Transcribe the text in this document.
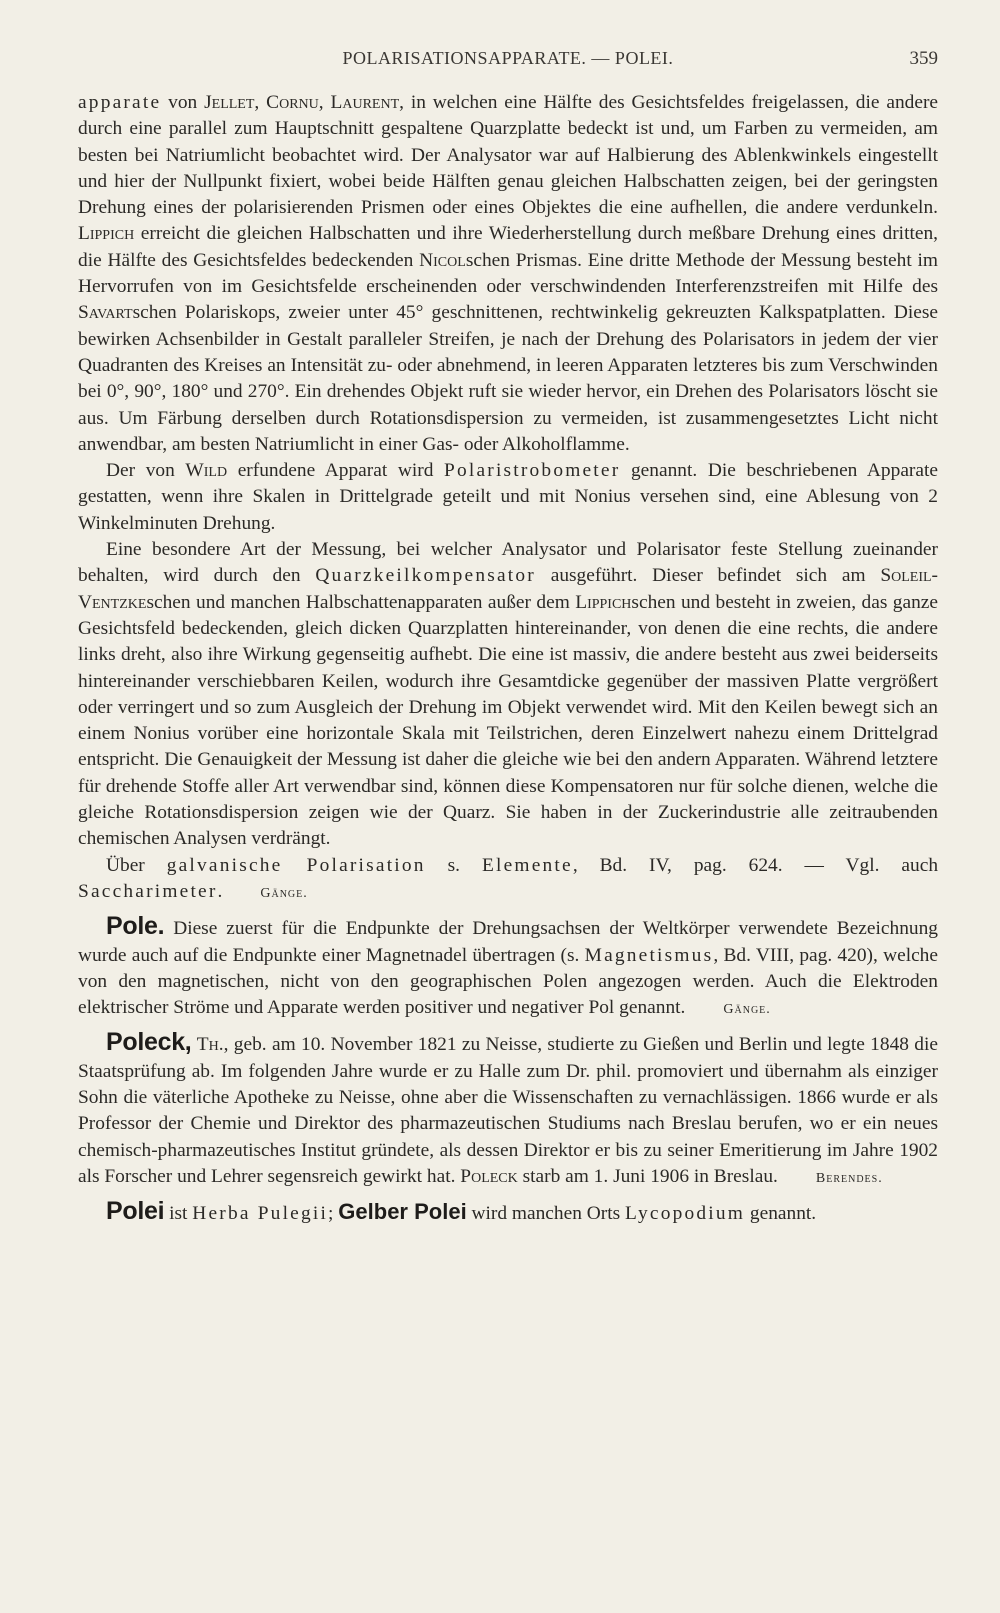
POLARISATIONSAPPARATE. — POLEI.	359

apparate von Jellet, Cornu, Laurent, in welchen eine Hälfte des Gesichtsfeldes freigelassen, die andere durch eine parallel zum Hauptschnitt gespaltene Quarzplatte bedeckt ist und, um Farben zu vermeiden, am besten bei Natriumlicht beobachtet wird. Der Analysator war auf Halbierung des Ablenkwinkels eingestellt und hier der Nullpunkt fixiert, wobei beide Hälften genau gleichen Halbschatten zeigen, bei der geringsten Drehung eines der polarisierenden Prismen oder eines Objektes die eine aufhellen, die andere verdunkeln. Lippich erreicht die gleichen Halbschatten und ihre Wiederherstellung durch meßbare Drehung eines dritten, die Hälfte des Gesichtsfeldes bedeckenden Nicolschen Prismas. Eine dritte Methode der Messung besteht im Hervorrufen von im Gesichtsfelde erscheinenden oder verschwindenden Interferenzstreifen mit Hilfe des Savartschen Polariskops, zweier unter 45° geschnittenen, rechtwinkelig gekreuzten Kalkspatplatten. Diese bewirken Achsenbilder in Gestalt paralleler Streifen, je nach der Drehung des Polarisators in jedem der vier Quadranten des Kreises an Intensität zu- oder abnehmend, in leeren Apparaten letzteres bis zum Verschwinden bei 0°, 90°, 180° und 270°. Ein drehendes Objekt ruft sie wieder hervor, ein Drehen des Polarisators löscht sie aus. Um Färbung derselben durch Rotationsdispersion zu vermeiden, ist zusammengesetztes Licht nicht anwendbar, am besten Natriumlicht in einer Gas- oder Alkoholflamme.

Der von Wild erfundene Apparat wird Polaristrobometer genannt. Die beschriebenen Apparate gestatten, wenn ihre Skalen in Drittelgrade geteilt und mit Nonius versehen sind, eine Ablesung von 2 Winkelminuten Drehung.

Eine besondere Art der Messung, bei welcher Analysator und Polarisator feste Stellung zueinander behalten, wird durch den Quarzkeilkompensator ausgeführt. Dieser befindet sich am Soleil-Ventzkeschen und manchen Halbschattenapparaten außer dem Lippichschen und besteht in zweien, das ganze Gesichtsfeld bedeckenden, gleich dicken Quarzplatten hintereinander, von denen die eine rechts, die andere links dreht, also ihre Wirkung gegenseitig aufhebt. Die eine ist massiv, die andere besteht aus zwei beiderseits hintereinander verschiebbaren Keilen, wodurch ihre Gesamtdicke gegenüber der massiven Platte vergrößert oder verringert und so zum Ausgleich der Drehung im Objekt verwendet wird. Mit den Keilen bewegt sich an einem Nonius vorüber eine horizontale Skala mit Teilstrichen, deren Einzelwert nahezu einem Drittelgrad entspricht. Die Genauigkeit der Messung ist daher die gleiche wie bei den andern Apparaten. Während letztere für drehende Stoffe aller Art verwendbar sind, können diese Kompensatoren nur für solche dienen, welche die gleiche Rotationsdispersion zeigen wie der Quarz. Sie haben in der Zuckerindustrie alle zeitraubenden chemischen Analysen verdrängt.

Über galvanische Polarisation s. Elemente, Bd. IV, pag. 624. — Vgl. auch Saccharimeter.	Gänge.

Pole. Diese zuerst für die Endpunkte der Drehungsachsen der Weltkörper verwendete Bezeichnung wurde auch auf die Endpunkte einer Magnetnadel übertragen (s. Magnetismus, Bd. VIII, pag. 420), welche von den magnetischen, nicht von den geographischen Polen angezogen werden. Auch die Elektroden elektrischer Ströme und Apparate werden positiver und negativer Pol genannt.	Gänge.

Poleck, Th., geb. am 10. November 1821 zu Neisse, studierte zu Gießen und Berlin und legte 1848 die Staatsprüfung ab. Im folgenden Jahre wurde er zu Halle zum Dr. phil. promoviert und übernahm als einziger Sohn die väterliche Apotheke zu Neisse, ohne aber die Wissenschaften zu vernachlässigen. 1866 wurde er als Professor der Chemie und Direktor des pharmazeutischen Studiums nach Breslau berufen, wo er ein neues chemisch-pharmazeutisches Institut gründete, als dessen Direktor er bis zu seiner Emeritierung im Jahre 1902 als Forscher und Lehrer segensreich gewirkt hat. Poleck starb am 1. Juni 1906 in Breslau.	Berendes.

Polei ist Herba Pulegii; Gelber Polei wird manchen Orts Lycopodium genannt.
